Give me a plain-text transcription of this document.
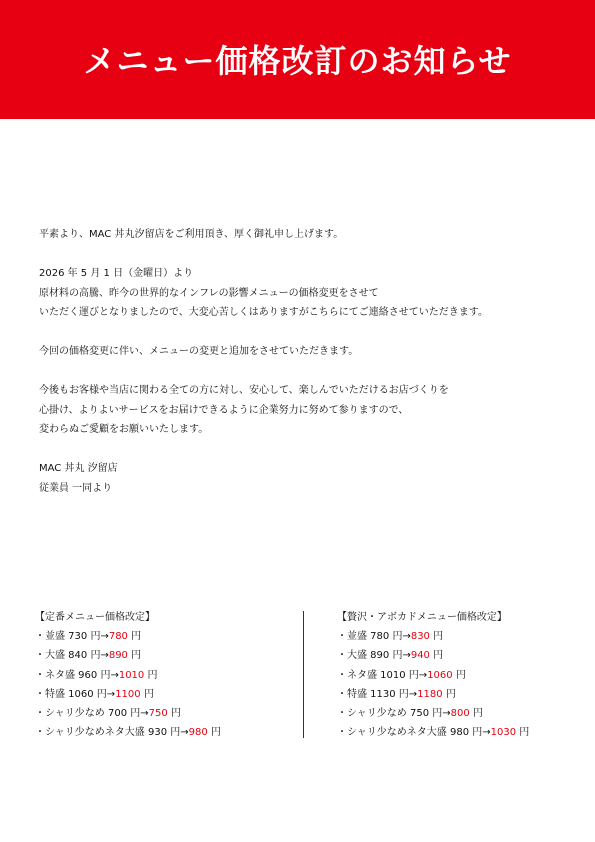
メニュー価格改訂のお知らせ
平素より、MAC 丼丸汐留店をご利用頂き、厚く御礼申し上げます。
2026 年 5 月 1 日（金曜日）より
原材料の高騰、昨今の世界的なインフレの影響メニューの価格変更をさせて
いただく運びとなりましたので、大変心苦しくはありますがこちらにてご連絡させていただきます。
今回の価格変更に伴い、メニューの変更と追加をさせていただきます。
今後もお客様や当店に関わる全ての方に対し、安心して、楽しんでいただけるお店づくりを
心掛け、よりよいサービスをお届けできるように企業努力に努めて参りますので、
変わらぬご愛顧をお願いいたします。
MAC 丼丸 汐留店
従業員 一同より
【定番メニュー価格改定】
・並盛 730 円→780 円
・大盛 840 円→890 円
・ネタ盛 960 円→1010 円
・特盛 1060 円→1100 円
・シャリ少なめ 700 円→750 円
・シャリ少なめネタ大盛 930 円→980 円
【贅沢・アボカドメニュー価格改定】
・並盛 780 円→830 円
・大盛 890 円→940 円
・ネタ盛 1010 円→1060 円
・特盛 1130 円→1180 円
・シャリ少なめ 750 円→800 円
・シャリ少なめネタ大盛 980 円→1030 円
